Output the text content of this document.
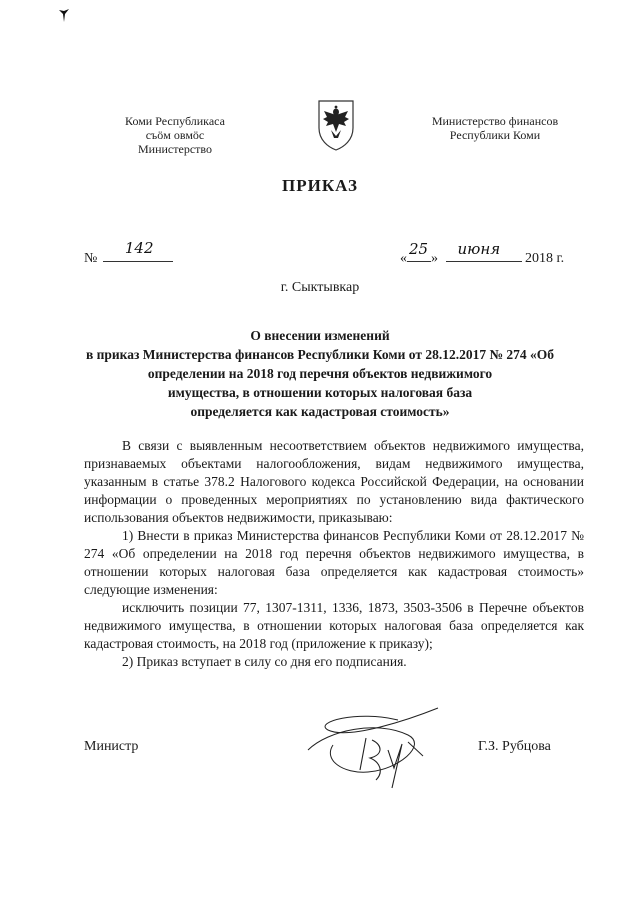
Коми Республикаса
съӧм овмӧс
Министерство
Министерство финансов
Республики Коми
ПРИКАЗ
№
142
«
25
»
июня
2018 г.
г. Сыктывкар
О внесении изменений
в приказ Министерства финансов Республики Коми от 28.12.2017 № 274 «Об
определении на 2018 год перечня объектов недвижимого
имущества, в отношении которых налоговая база
определяется как кадастровая стоимость»

В связи с выявленным несоответствием объектов недвижимого имущества, признаваемых объектами налогообложения, видам недвижимого имущества, указанным в статье 378.2 Налогового кодекса Российской Федерации, на основании информации о проведенных мероприятиях по установлению вида фактического использования объектов недвижимости, приказываю:

1) Внести в приказ Министерства финансов Республики Коми от 28.12.2017 № 274 «Об определении на 2018 год перечня объектов недвижимого имущества, в отношении которых налоговая база определяется как кадастровая стоимость» следующие изменения:

исключить позиции 77, 1307-1311, 1336, 1873, 3503-3506 в Перечне объектов недвижимого имущества, в отношении которых налоговая база определяется как кадастровая стоимость, на 2018 год (приложение к приказу);

2) Приказ вступает в силу со дня его подписания.

Министр	Г.З. Рубцова
